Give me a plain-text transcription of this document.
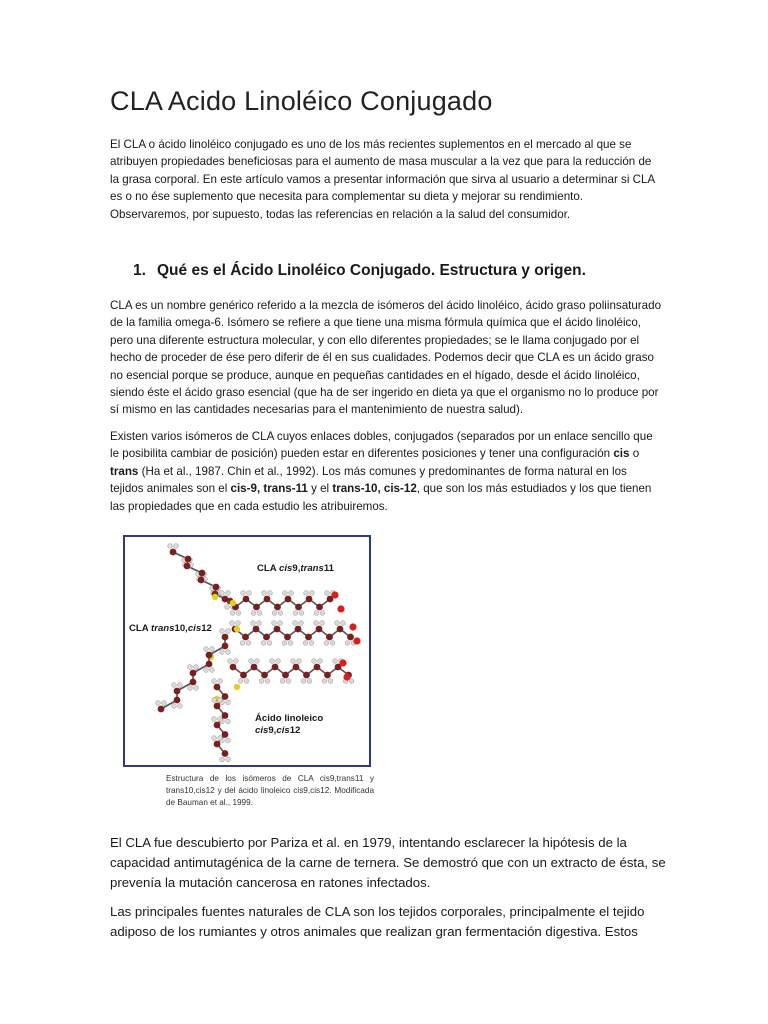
CLA Acido Linoléico Conjugado

El CLA o ácido linoléico conjugado es uno de los más recientes suplementos en el mercado al que se atribuyen propiedades beneficiosas para el aumento de masa muscular a la vez que para la reducción de la grasa corporal. En este artículo vamos a presentar información que sirva al usuario a determinar si CLA es o no ése suplemento que necesita para complementar su dieta y mejorar su rendimiento. Observaremos, por supuesto, todas las referencias en relación a la salud del consumidor.

1. Qué es el Ácido Linoléico Conjugado. Estructura y origen.

CLA es un nombre genérico referido a la mezcla de isómeros del ácido linoléico, ácido graso poliinsaturado de la familia omega-6. Isómero se refiere a que tiene una misma fórmula química que el ácido linoléico, pero una diferente estructura molecular, y con ello diferentes propiedades; se le llama conjugado por el hecho de proceder de ése pero diferir de él en sus cualidades. Podemos decir que CLA es un ácido graso no esencial porque se produce, aunque en pequeñas cantidades en el hígado, desde el ácido linoléico, siendo éste el ácido graso esencial (que ha de ser ingerido en dieta ya que el organismo no lo produce por sí mismo en las cantidades necesarias para el mantenimiento de nuestra salud).

Existen varios isómeros de CLA cuyos enlaces dobles, conjugados (separados por un enlace sencillo que le posibilita cambiar de posición) pueden estar en diferentes posiciones y tener una configuración cis o trans (Ha et al., 1987. Chin et al., 1992). Los más comunes y predominantes de forma natural en los tejidos animales son el cis-9, trans-11 y el trans-10, cis-12, que son los más estudiados y los que tienen las propiedades que en cada estudio les atribuiremos.

CLA cis9,trans11
CLA trans10,cis12
Ácido linoleico
cis9,cis12

Estructura de los isómeros de CLA cis9,trans11 y trans10,cis12 y del ácido linoleico cis9,cis12. Modificada de Bauman et al., 1999.

El CLA fue descubierto por Pariza et al. en 1979, intentando esclarecer la hipótesis de la capacidad antimutagénica de la carne de ternera. Se demostró que con un extracto de ésta, se prevenía la mutación cancerosa en ratones infectados.

Las principales fuentes naturales de CLA son los tejidos corporales, principalmente el tejido adiposo de los rumiantes y otros animales que realizan gran fermentación digestiva. Estos
